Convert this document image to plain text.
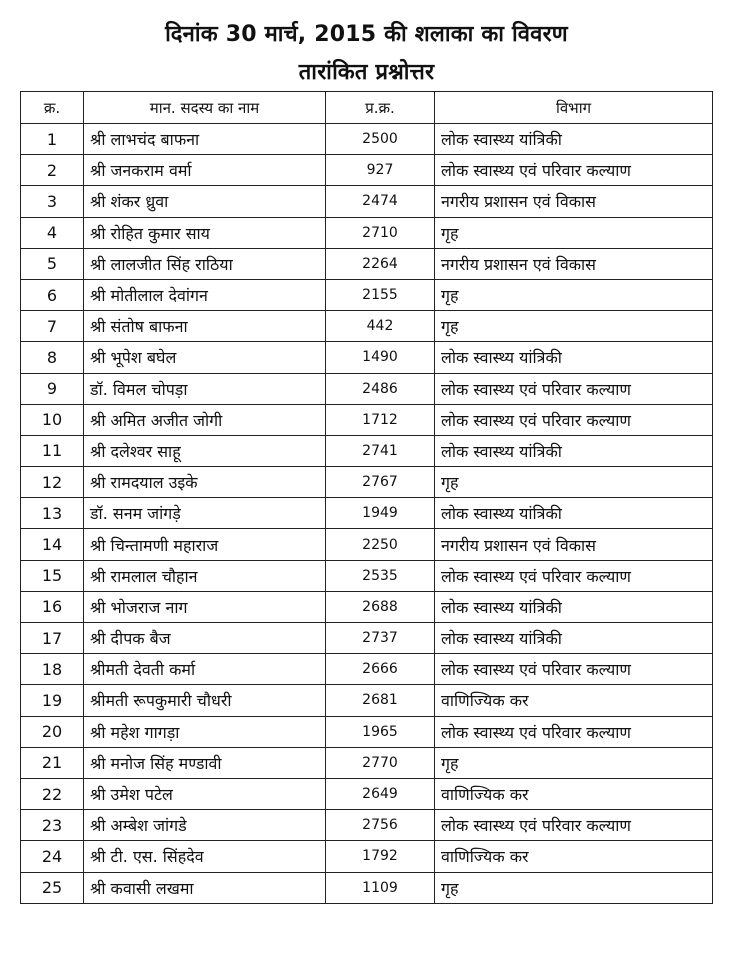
दिनांक 30 मार्च, 2015 की शलाका का विवरण
तारांकित प्रश्नोत्तर
क्र.	मान. सदस्य का नाम	प्र.क्र.	विभाग
1	श्री लाभचंद बाफना	2500	लोक स्वास्थ्य यांत्रिकी
2	श्री जनकराम वर्मा	927	लोक स्वास्थ्य एवं परिवार कल्याण
3	श्री शंकर ध्रुवा	2474	नगरीय प्रशासन एवं विकास
4	श्री रोहित कुमार साय	2710	गृह
5	श्री लालजीत सिंह राठिया	2264	नगरीय प्रशासन एवं विकास
6	श्री मोतीलाल देवांगन	2155	गृह
7	श्री संतोष बाफना	442	गृह
8	श्री भूपेश बघेल	1490	लोक स्वास्थ्य यांत्रिकी
9	डॉ. विमल चोपड़ा	2486	लोक स्वास्थ्य एवं परिवार कल्याण
10	श्री अमित अजीत जोगी	1712	लोक स्वास्थ्य एवं परिवार कल्याण
11	श्री दलेश्वर साहू	2741	लोक स्वास्थ्य यांत्रिकी
12	श्री रामदयाल उइके	2767	गृह
13	डॉ. सनम जांगड़े	1949	लोक स्वास्थ्य यांत्रिकी
14	श्री चिन्तामणी महाराज	2250	नगरीय प्रशासन एवं विकास
15	श्री रामलाल चौहान	2535	लोक स्वास्थ्य एवं परिवार कल्याण
16	श्री भोजराज नाग	2688	लोक स्वास्थ्य यांत्रिकी
17	श्री दीपक बैज	2737	लोक स्वास्थ्य यांत्रिकी
18	श्रीमती देवती कर्मा	2666	लोक स्वास्थ्य एवं परिवार कल्याण
19	श्रीमती रूपकुमारी चौधरी	2681	वाणिज्यिक कर
20	श्री महेश गागड़ा	1965	लोक स्वास्थ्य एवं परिवार कल्याण
21	श्री मनोज सिंह मण्डावी	2770	गृह
22	श्री उमेश पटेल	2649	वाणिज्यिक कर
23	श्री अम्बेश जांगडे	2756	लोक स्वास्थ्य एवं परिवार कल्याण
24	श्री टी. एस. सिंहदेव	1792	वाणिज्यिक कर
25	श्री कवासी लखमा	1109	गृह
